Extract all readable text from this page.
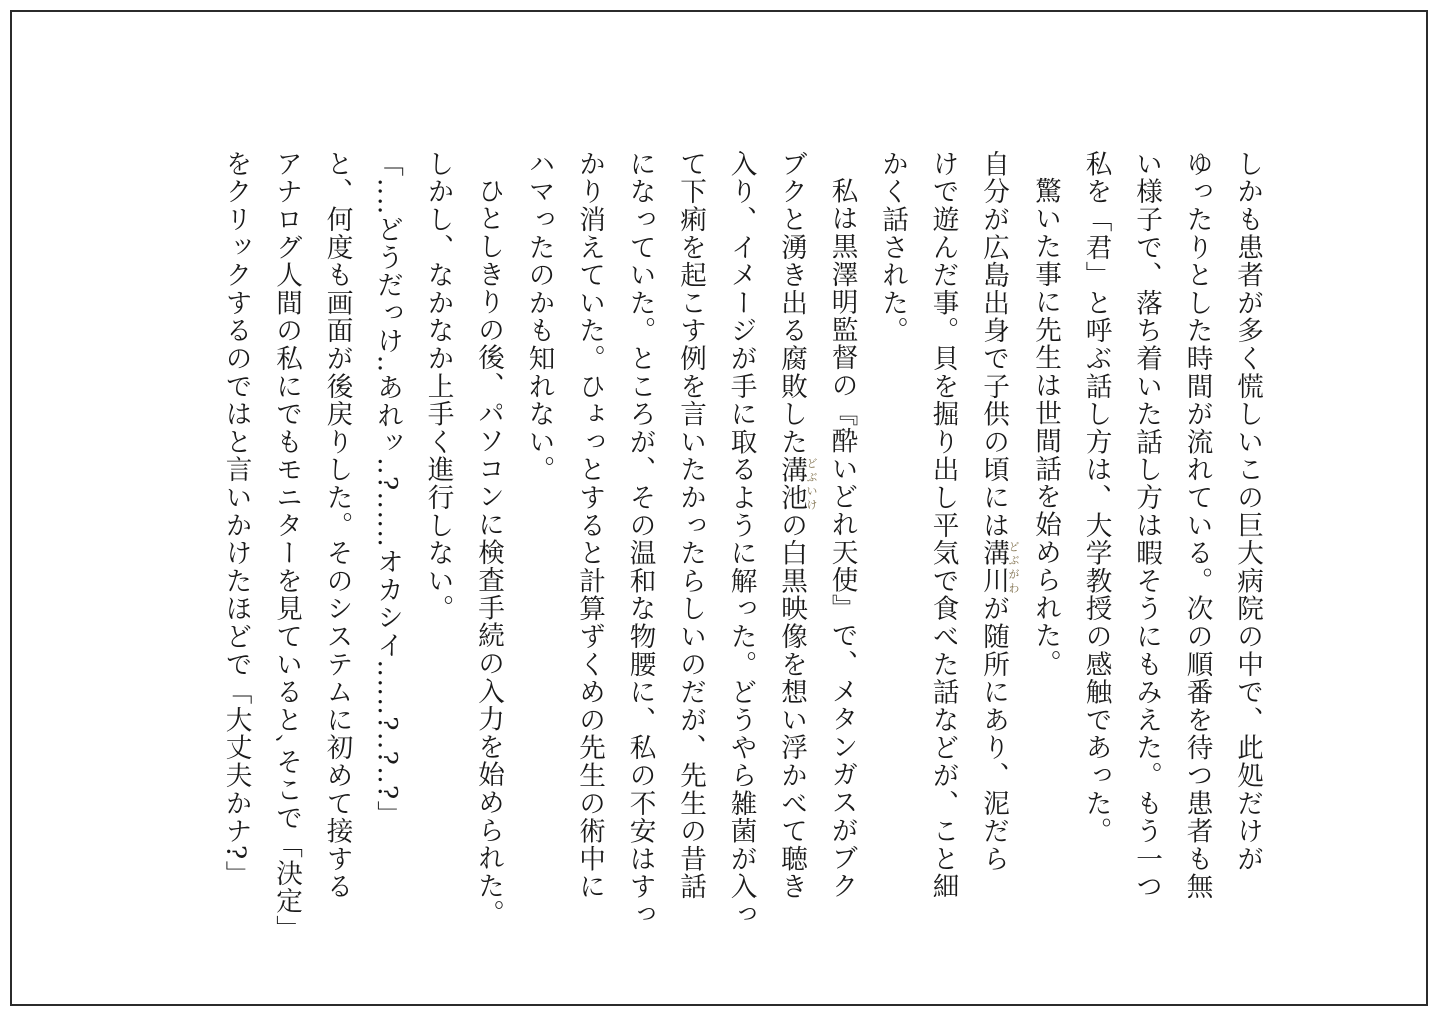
しかも患者が多く慌しいこの巨大病院の中で、此処だけが
ゆったりとした時間が流れている。次の順番を待つ患者も無
い様子で、落ち着いた話し方は暇そうにもみえた。もう一つ
私を「君」と呼ぶ話し方は、大学教授の感触であった。
驚いた事に先生は世間話を始められた。
自分が広島出身で子供の頃には溝川どぶがわが随所にあり、泥だら
けで遊んだ事。貝を掘り出し平気で食べた話などが、こと細
かく話された。
私は黒澤明監督の『酔いどれ天使』で、メタンガスがブク
ブクと湧き出る腐敗した溝池どぶいけの白黒映像を想い浮かべて聴き
入り、イメージが手に取るように解った。どうやら雑菌が入っ
て下痢を起こす例を言いたかったらしいのだが、先生の昔話
になっていた。ところが、その温和な物腰に、私の不安はすっ
かり消えていた。ひょっとすると計算ずくめの先生の術中に
ハマったのかも知れない。
ひとしきりの後、パソコンに検査手続の入力を始められた。
しかし、なかなか上手く進行しない。
「‥‥どうだっけ‥あれッ‥?‥‥‥オカシイ‥‥‥?‥?‥?」
と、何度も画面が後戻りした。そのシステムに初めて接する
アナログ人間の私にでもモニターを見ていると､そこで「決定」
をクリックするのではと言いかけたほどで「大丈夫かナ?」
